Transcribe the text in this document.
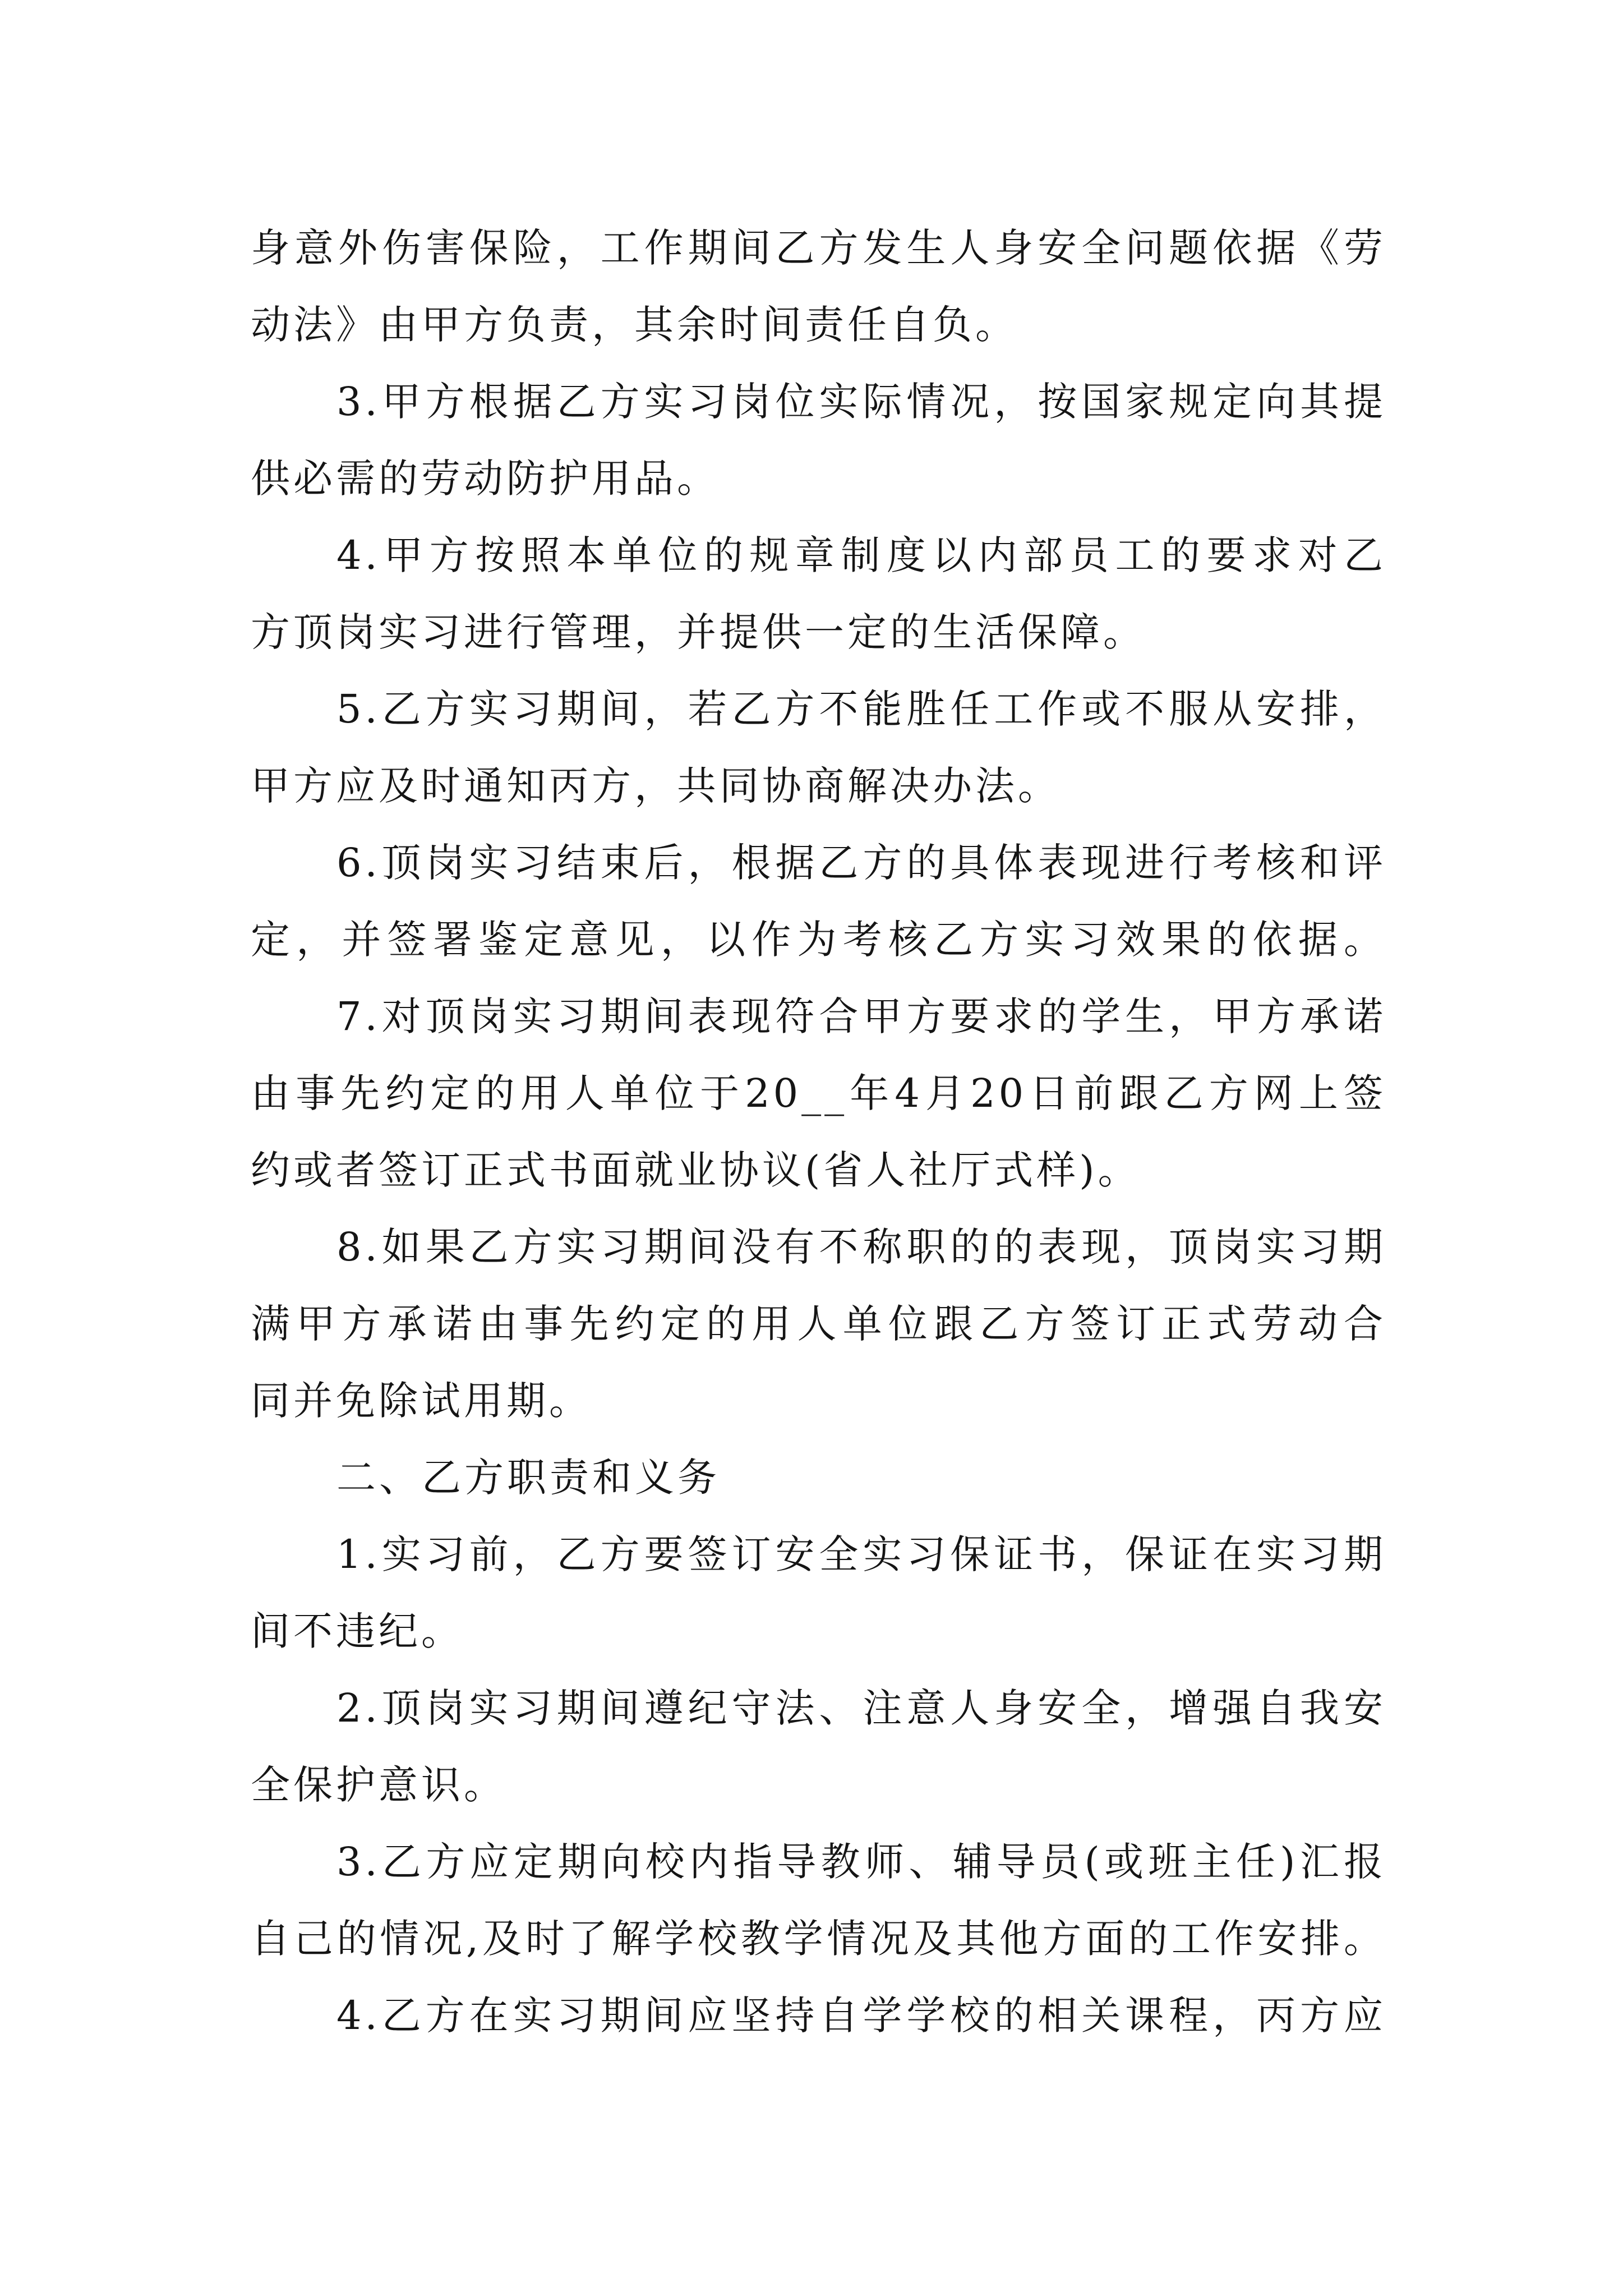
身意外伤害保险，工作期间乙方发生人身安全问题依据《劳
动法》由甲方负责，其余时间责任自负。
3.甲方根据乙方实习岗位实际情况，按国家规定向其提
供必需的劳动防护用品。
4.甲方按照本单位的规章制度以内部员工的要求对乙
方顶岗实习进行管理，并提供一定的生活保障。
5.乙方实习期间，若乙方不能胜任工作或不服从安排，
甲方应及时通知丙方，共同协商解决办法。
6.顶岗实习结束后，根据乙方的具体表现进行考核和评
定，并签署鉴定意见，以作为考核乙方实习效果的依据。
7.对顶岗实习期间表现符合甲方要求的学生，甲方承诺
由事先约定的用人单位于20__年4月20日前跟乙方网上签
约或者签订正式书面就业协议(省人社厅式样)。
8.如果乙方实习期间没有不称职的的表现，顶岗实习期
满甲方承诺由事先约定的用人单位跟乙方签订正式劳动合
同并免除试用期。
二、乙方职责和义务
1.实习前，乙方要签订安全实习保证书，保证在实习期
间不违纪。
2.顶岗实习期间遵纪守法、注意人身安全，增强自我安
全保护意识。
3.乙方应定期向校内指导教师、辅导员(或班主任)汇报
自己的情况,及时了解学校教学情况及其他方面的工作安排。
4.乙方在实习期间应坚持自学学校的相关课程，丙方应
